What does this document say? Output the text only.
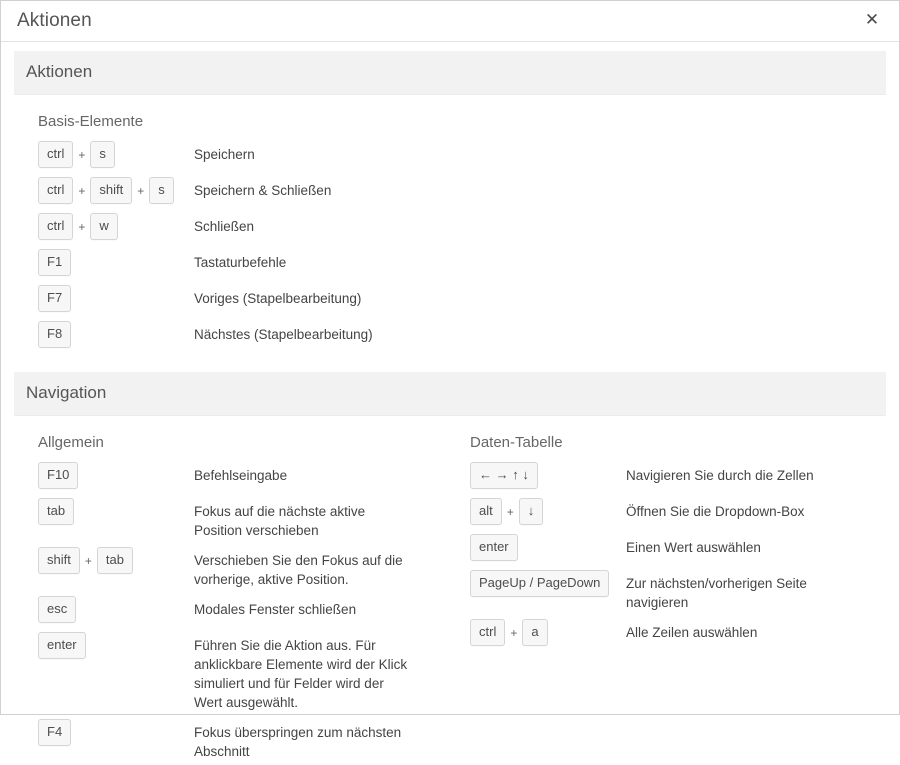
Aktionen	✕
Aktionen
Basis-Elemente
ctrl	+	s	Speichern
ctrl	+	shift	+	s	Speichern & Schließen
ctrl	+	w	Schließen
F1	Tastaturbefehle
F7	Voriges (Stapelbearbeitung)
F8	Nächstes (Stapelbearbeitung)
Navigation
Allgemein
F10	Befehlseingabe
tab	Fokus auf die nächste aktive Position verschieben
shift	+	tab	Verschieben Sie den Fokus auf die vorherige, aktive Position.
esc	Modales Fenster schließen
enter	Führen Sie die Aktion aus. Für anklickbare Elemente wird der Klick simuliert und für Felder wird der Wert ausgewählt.
F4	Fokus überspringen zum nächsten Abschnitt
Daten-Tabelle
← → ↑ ↓	Navigieren Sie durch die Zellen
alt	+	↓	Öffnen Sie die Dropdown-Box
enter	Einen Wert auswählen
PageUp / PageDown	Zur nächsten/vorherigen Seite navigieren
ctrl	+	a	Alle Zeilen auswählen
